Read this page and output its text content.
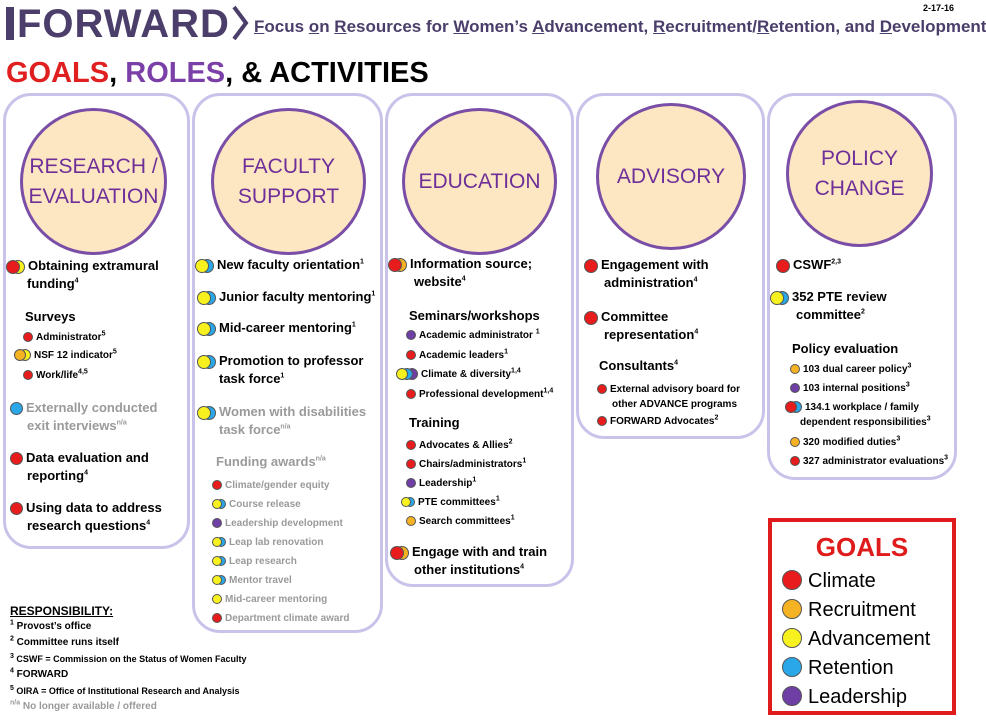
FORWARD	Focus on Resources for Women’s Advancement, Recruitment/Retention, and Development
2-17-16
GOALS, ROLES, & ACTIVITIES
RESEARCH /
EVALUATION
FACULTY
SUPPORT
EDUCATION	ADVISORY
POLICY
CHANGE
Obtaining extramural
funding$^4$
Surveys
Administrator$^5$
NSF 12 indicator$^5$
Work/life$^{4,5}$
Externally conducted
exit interviews$^{n/a}$
Data evaluation and
reporting$^4$
Using data to address
research questions$^4$
New faculty orientation$^1$
Junior faculty mentoring$^1$
Mid-career mentoring$^1$
Promotion to professor
task force$^1$
Women with disabilities
task force$^{n/a}$
Funding awards$^{n/a}$
Climate/gender equity
Course release
Leadership development
Leap lab renovation
Leap research
Mentor travel
Mid-career mentoring
Department climate award
Information source;
website$^4$
Seminars/workshops
Academic administrator $^1$
Academic leaders$^1$
Climate & diversity$^{1,4}$
Professional development$^{1,4}$
Training
Advocates & Allies$^2$
Chairs/administrators$^1$
Leadership$^1$
PTE committees$^1$
Search committees$^1$
Engage with and train
other institutions$^4$
Engagement with
administration$^4$
Committee
representation$^4$
Consultants$^4$
External advisory board for
other ADVANCE programs
FORWARD Advocates$^2$
CSWF$^{2,3}$
352 PTE review
committee$^2$
Policy evaluation
103 dual career policy$^3$
103 internal positions$^3$
134.1 workplace / family
dependent responsibilities$^3$
320 modified duties$^3$
327 administrator evaluations$^3$
GOALS
Climate
Recruitment
Advancement
Retention
Leadership
RESPONSIBILITY:
$^1$ Provost’s office
$^2$ Committee runs itself
$^3$ CSWF = Commission on the Status of Women Faculty
$^4$ FORWARD
$^5$ OIRA = Office of Institutional Research and Analysis
$^{n/a}$ No longer available / offered
